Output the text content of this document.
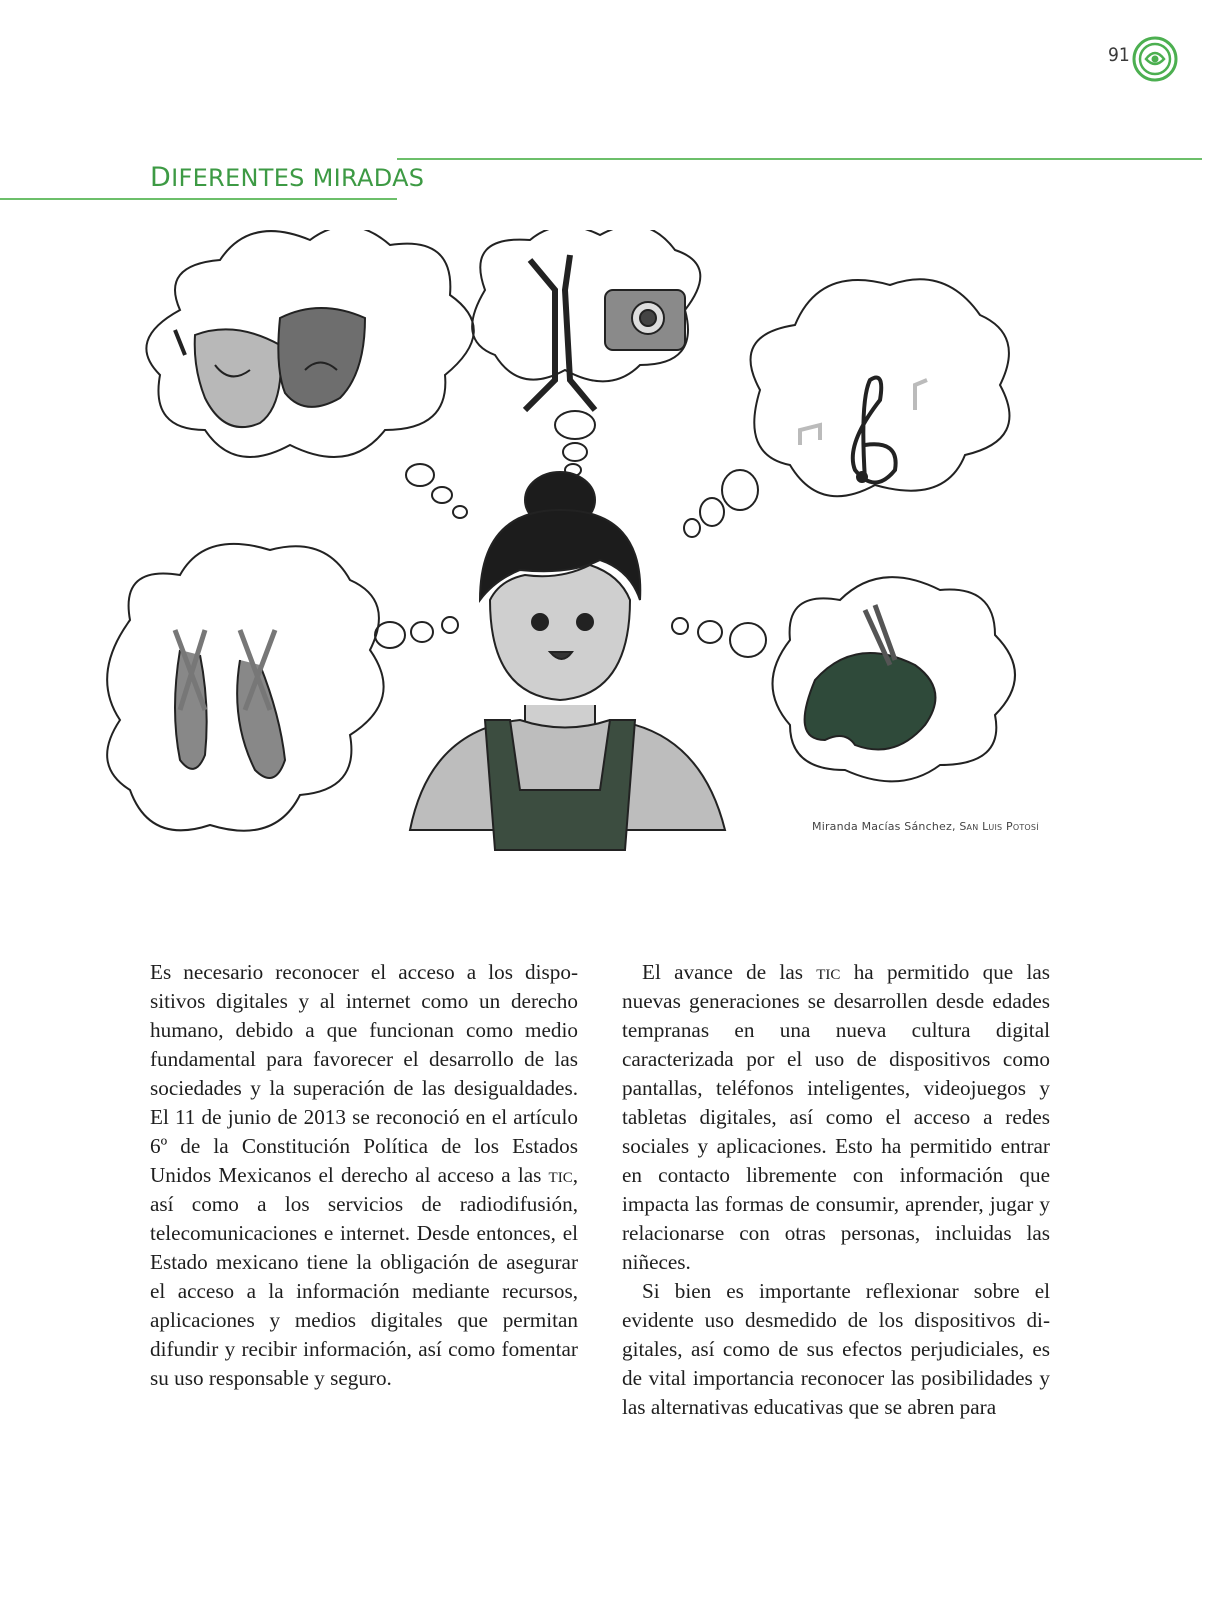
91
DIFERENTES MIRADAS
Miranda Macías Sánchez, San Luis Potosí

Es necesario reconocer el acceso a los dispositivos digitales y al internet como un derecho humano, debido a que funcionan como medio fundamental para favorecer el desarrollo de las sociedades y la superación de las desigualdades. El 11 de junio de 2013 se reconoció en el artículo 6º de la Constitución Política de los Estados Unidos Mexicanos el derecho al acceso a las tic, así como a los servicios de radiodifusión, telecomunicaciones e internet. Desde entonces, el Estado mexicano tiene la obligación de asegurar el acceso a la información mediante recursos, aplicaciones y medios digitales que permitan difundir y recibir información, así como fomentar su uso responsable y seguro.

El avance de las tic ha permitido que las nuevas generaciones se desarrollen desde edades tempranas en una nueva cultura digital caracterizada por el uso de dispositivos como pantallas, teléfonos inteligentes, videojuegos y tabletas digitales, así como el acceso a redes sociales y aplicaciones. Esto ha permitido entrar en contacto libremente con información que impacta las formas de consumir, aprender, jugar y relacionarse con otras personas, incluidas las niñeces.

Si bien es importante reflexionar sobre el evidente uso desmedido de los dispositivos digitales, así como de sus efectos perjudiciales, es de vital importancia reconocer las posibilidades y las alternativas educativas que se abren para
